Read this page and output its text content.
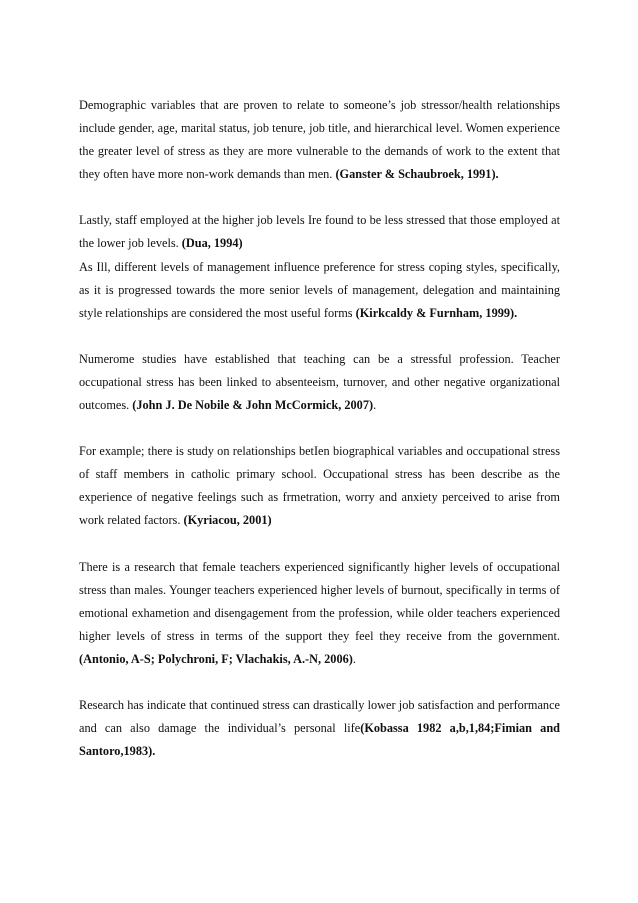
Demographic variables that are proven to relate to someone’s job stressor/health relationships include gender, age, marital status, job tenure, job title, and hierarchical level. Women experience the greater level of stress as they are more vulnerable to the demands of work to the extent that they often have more non-work demands than men. (Ganster & Schaubroek, 1991).

Lastly, staff employed at the higher job levels Ire found to be less stressed that those employed at the lower job levels. (Dua, 1994)

As Ill, different levels of management influence preference for stress coping styles, specifically, as it is progressed towards the more senior levels of management, delegation and maintaining style relationships are considered the most useful forms (Kirkcaldy & Furnham, 1999).

Numerome studies have established that teaching can be a stressful profession. Teacher occupational stress has been linked to absenteeism, turnover, and other negative organizational outcomes. (John J. De Nobile & John McCormick, 2007).

For example; there is study on relationships betIen biographical variables and occupational stress of staff members in catholic primary school. Occupational stress has been describe as the experience of negative feelings such as frmetration, worry and anxiety perceived to arise from work related factors. (Kyriacou, 2001)

There is a research that female teachers experienced significantly higher levels of occupational stress than males. Younger teachers experienced higher levels of burnout, specifically in terms of emotional exhametion and disengagement from the profession, while older teachers experienced higher levels of stress in terms of the support they feel they receive from the government. (Antonio, A-S; Polychroni, F; Vlachakis, A.-N, 2006).

Research has indicate that continued stress can drastically lower job satisfaction and performance and can also damage the individual’s personal life(Kobassa 1982 a,b,1,84;Fimian and Santoro,1983).
